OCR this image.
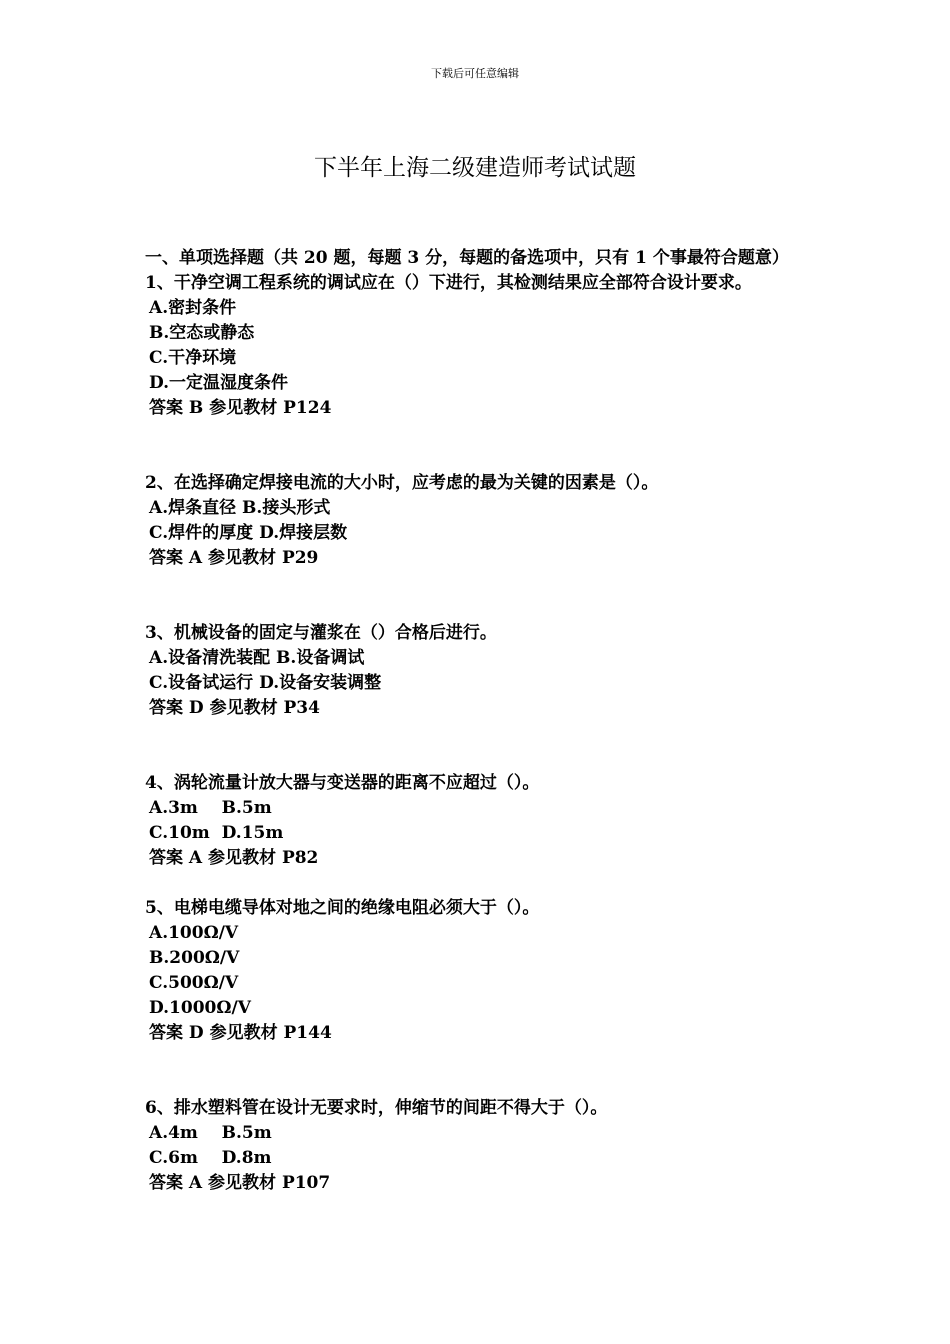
下载后可任意编辑
下半年上海二级建造师考试试题

一、单项选择题（共 20 题，每题 3 分，每题的备选项中，只有 1 个事最符合题意）

1、干净空调工程系统的调试应在（）下进行，其检测结果应全部符合设计要求。

A.密封条件

B.空态或静态

C.干净环境

D.一定温湿度条件

答案 B 参见教材 P124

2、在选择确定焊接电流的大小时，应考虑的最为关键的因素是（）。

A.焊条直径 B.接头形式

C.焊件的厚度 D.焊接层数

答案 A 参见教材 P29

3、机械设备的固定与灌浆在（）合格后进行。

A.设备清洗装配 B.设备调试

C.设备试运行 D.设备安装调整

答案 D 参见教材 P34

4、涡轮流量计放大器与变送器的距离不应超过（）。

A.3m    B.5m

C.10m  D.15m

答案 A 参见教材 P82

5、电梯电缆导体对地之间的绝缘电阻必须大于（）。

A.100Ω/V

B.200Ω/V

C.500Ω/V

D.1000Ω/V

答案 D 参见教材 P144

6、排水塑料管在设计无要求时，伸缩节的间距不得大于（）。

A.4m    B.5m

C.6m    D.8m

答案 A 参见教材 P107
